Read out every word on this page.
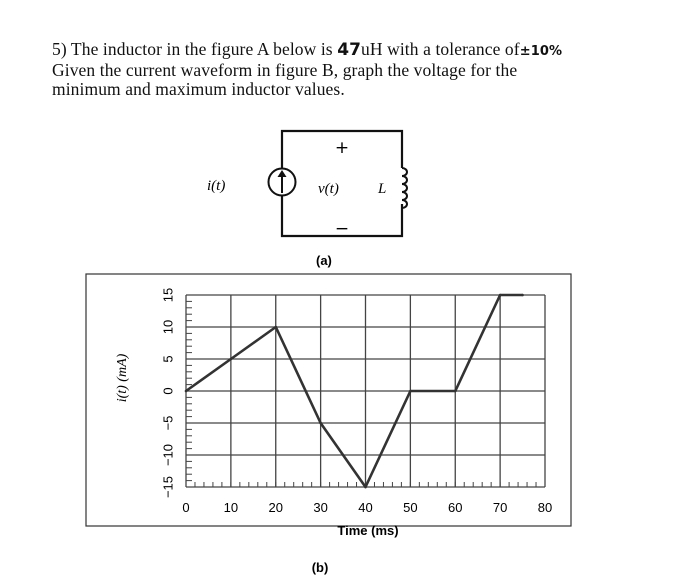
5) The inductor in the figure A below is 47uH with a tolerance of±10%
Given the current waveform in figure B, graph the voltage for the
minimum and maximum inductor values.
+
−
i(t)	v(t)	L
(a)
0	10 20 30 40 50 60 70 80
15
10
5
0
−5
−10
−15
Time (ms)
i(t) (mA)
(b)
